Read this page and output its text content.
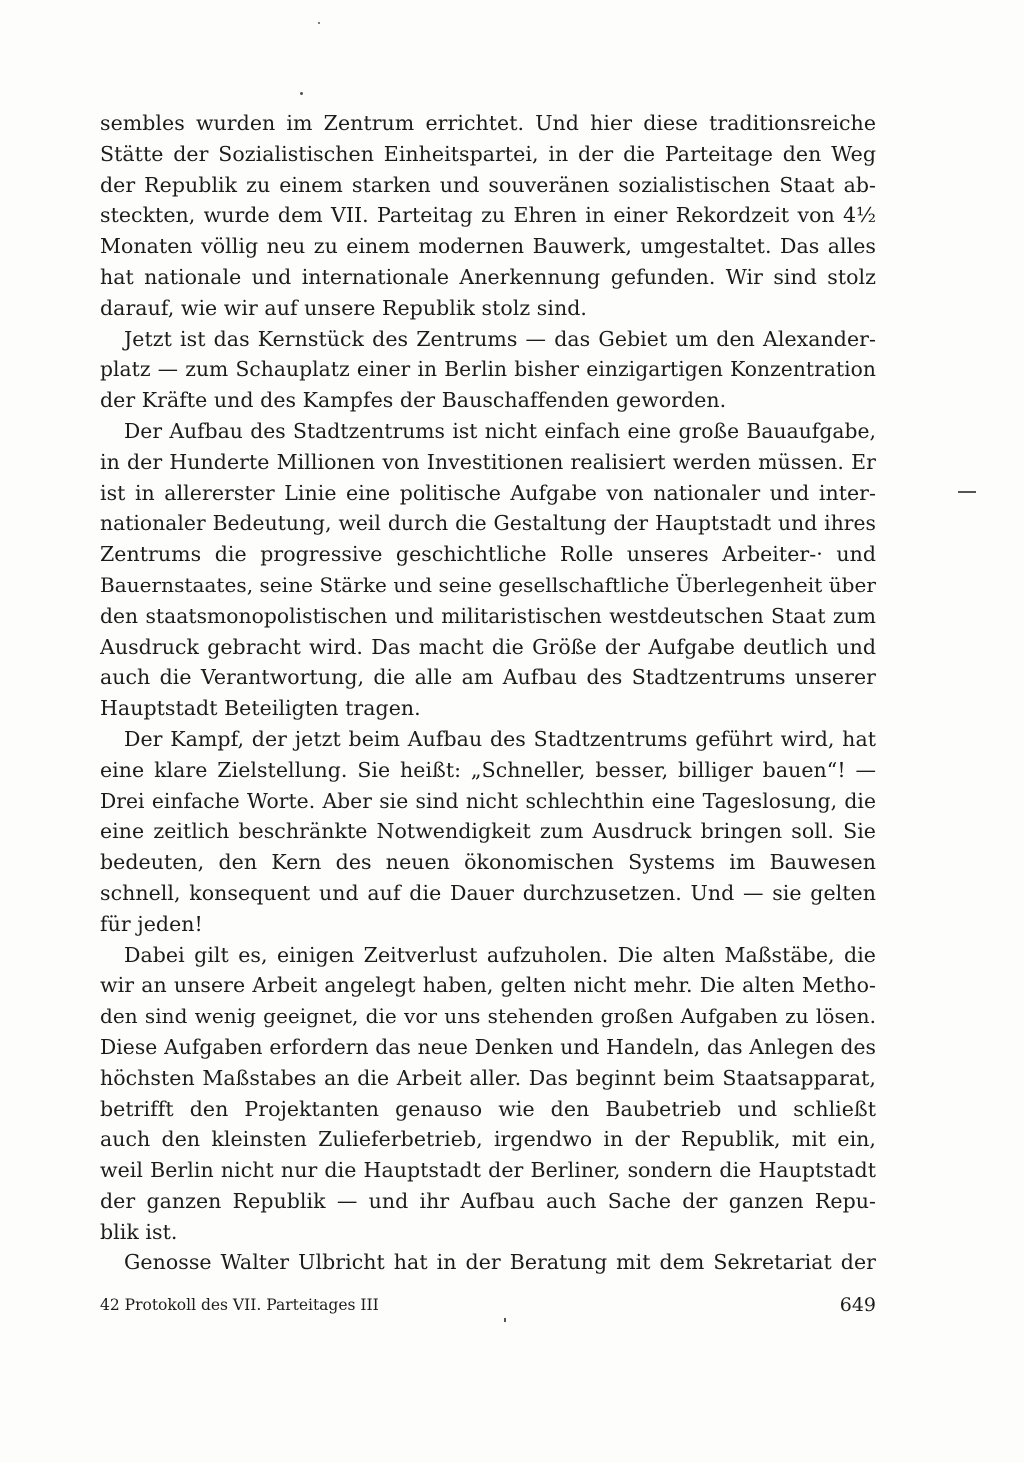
sembles wurden im Zentrum errichtet. Und hier diese traditionsreiche
Stätte der Sozialistischen Einheitspartei, in der die Parteitage den Weg
der Republik zu einem starken und souveränen sozialistischen Staat ab-
steckten, wurde dem VII. Parteitag zu Ehren in einer Rekordzeit von 4½
Monaten völlig neu zu einem modernen Bauwerk, umgestaltet. Das alles
hat nationale und internationale Anerkennung gefunden. Wir sind stolz
darauf, wie wir auf unsere Republik stolz sind.
Jetzt ist das Kernstück des Zentrums — das Gebiet um den Alexander-
platz — zum Schauplatz einer in Berlin bisher einzigartigen Konzentration
der Kräfte und des Kampfes der Bauschaffenden geworden.
Der Aufbau des Stadtzentrums ist nicht einfach eine große Bauaufgabe,
in der Hunderte Millionen von Investitionen realisiert werden müssen. Er
ist in allererster Linie eine politische Aufgabe von nationaler und inter-
nationaler Bedeutung, weil durch die Gestaltung der Hauptstadt und ihres
Zentrums die progressive geschichtliche Rolle unseres Arbeiter-· und
Bauernstaates, seine Stärke und seine gesellschaftliche Überlegenheit über
den staatsmonopolistischen und militaristischen westdeutschen Staat zum
Ausdruck gebracht wird. Das macht die Größe der Aufgabe deutlich und
auch die Verantwortung, die alle am Aufbau des Stadtzentrums unserer
Hauptstadt Beteiligten tragen.
Der Kampf, der jetzt beim Aufbau des Stadtzentrums geführt wird, hat
eine klare Zielstellung. Sie heißt: „Schneller, besser, billiger bauen“! —
Drei einfache Worte. Aber sie sind nicht schlechthin eine Tageslosung, die
eine zeitlich beschränkte Notwendigkeit zum Ausdruck bringen soll. Sie
bedeuten, den Kern des neuen ökonomischen Systems im Bauwesen
schnell, konsequent und auf die Dauer durchzusetzen. Und — sie gelten
für jeden!
Dabei gilt es, einigen Zeitverlust aufzuholen. Die alten Maßstäbe, die
wir an unsere Arbeit angelegt haben, gelten nicht mehr. Die alten Metho-
den sind wenig geeignet, die vor uns stehenden großen Aufgaben zu lösen.
Diese Aufgaben erfordern das neue Denken und Handeln, das Anlegen des
höchsten Maßstabes an die Arbeit aller. Das beginnt beim Staatsapparat,
betrifft den Projektanten genauso wie den Baubetrieb und schließt
auch den kleinsten Zulieferbetrieb, irgendwo in der Republik, mit ein,
weil Berlin nicht nur die Hauptstadt der Berliner, sondern die Hauptstadt
der ganzen Republik — und ihr Aufbau auch Sache der ganzen Repu-
blik ist.
Genosse Walter Ulbricht hat in der Beratung mit dem Sekretariat der
42 Protokoll des VII. Parteitages III	649
